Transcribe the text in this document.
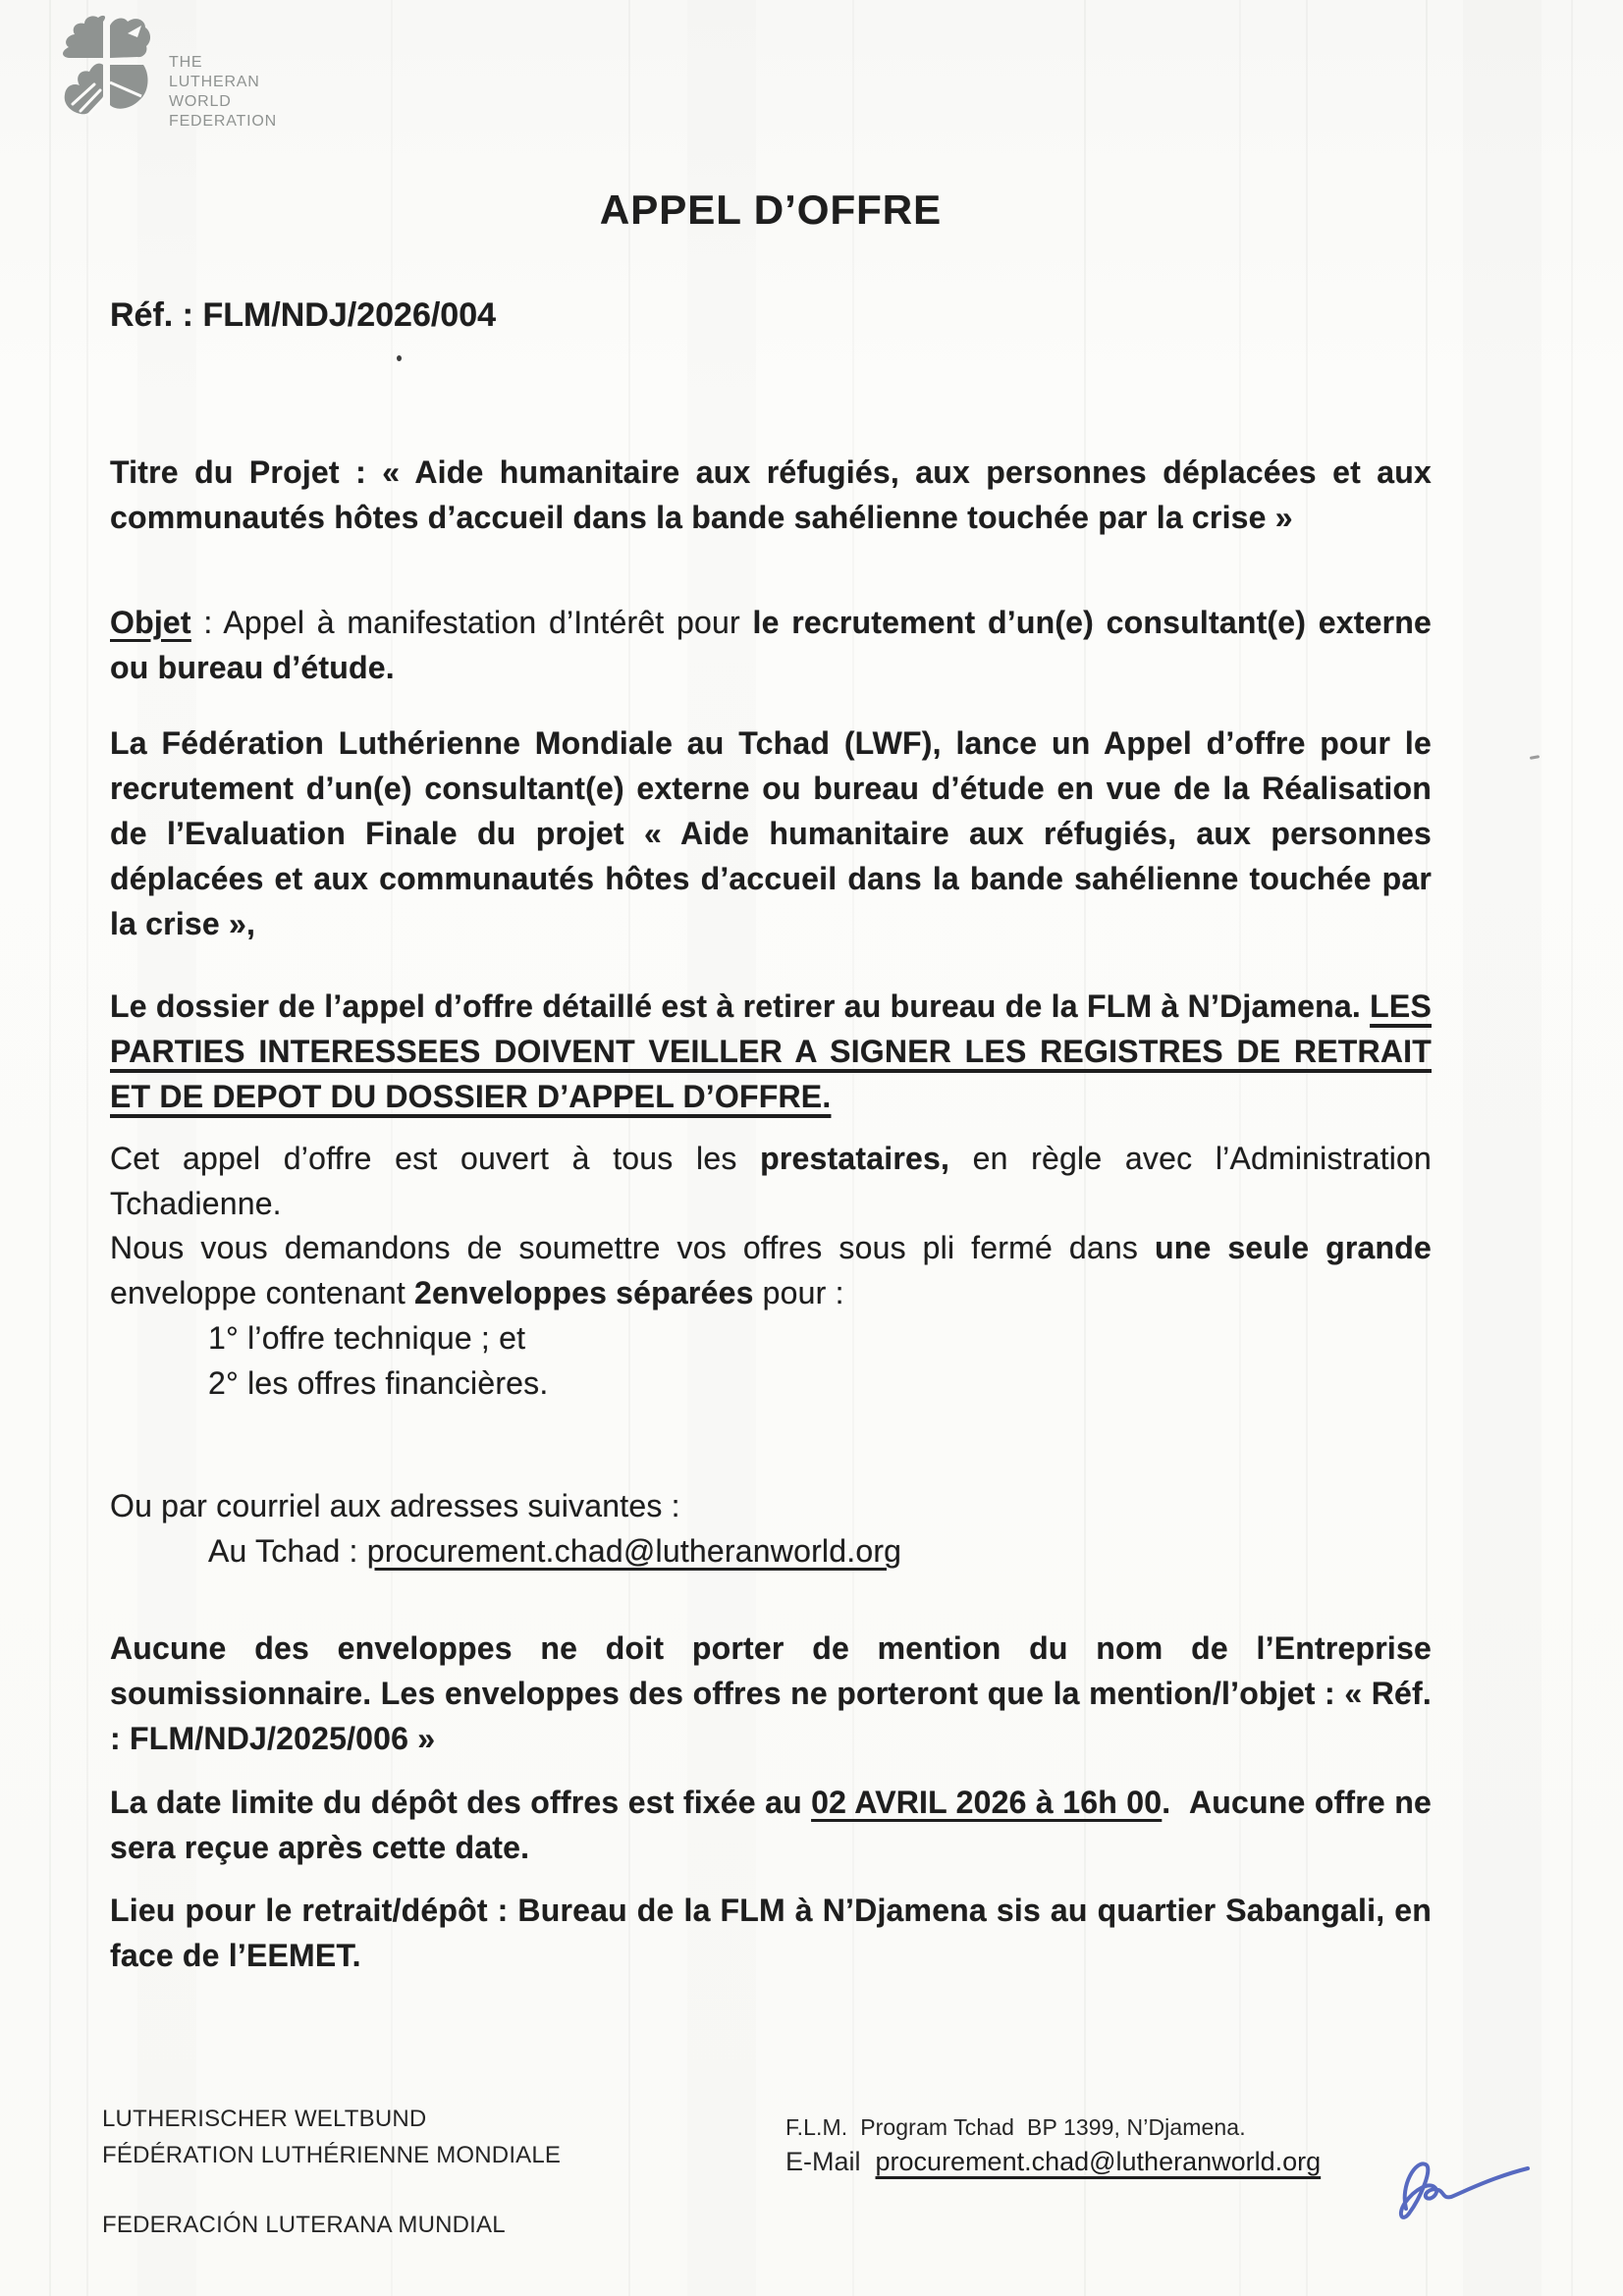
THE
LUTHERAN
WORLD
FEDERATION
APPEL D’OFFRE

Réf. : FLM/NDJ/2026/004

Titre du Projet : « Aide humanitaire aux réfugiés, aux personnes déplacées et aux communautés hôtes d’accueil dans la bande sahélienne touchée par la crise »

Objet : Appel à manifestation d’Intérêt pour le recrutement d’un(e) consultant(e) externe ou bureau d’étude.

La Fédération Luthérienne Mondiale au Tchad (LWF), lance un Appel d’offre pour le recrutement d’un(e) consultant(e) externe ou bureau d’étude en vue de la Réalisation de l’Evaluation Finale du projet « Aide humanitaire aux réfugiés, aux personnes déplacées et aux communautés hôtes d’accueil dans la bande sahélienne touchée par la crise »,

Le dossier de l’appel d’offre détaillé est à retirer au bureau de la FLM à N’Djamena. LES PARTIES INTERESSEES DOIVENT VEILLER A SIGNER LES REGISTRES DE RETRAIT ET DE DEPOT DU DOSSIER D’APPEL D’OFFRE.

Cet appel d’offre est ouvert à tous les prestataires, en règle avec l’Administration Tchadienne.

Nous vous demandons de soumettre vos offres sous pli fermé dans une seule grande enveloppe contenant 2enveloppes séparées pour :

1° l’offre technique ; et
2° les offres financières.
Ou par courriel aux adresses suivantes :
Au Tchad : procurement.chad@lutheranworld.org

Aucune des enveloppes ne doit porter de mention du nom de l’Entreprise soumissionnaire. Les enveloppes des offres ne porteront que la mention/l’objet : « Réf. : FLM/NDJ/2025/006 »

La date limite du dépôt des offres est fixée au 02 AVRIL 2026 à 16h 00.  Aucune offre ne sera reçue après cette date.

Lieu pour le retrait/dépôt : Bureau de la FLM à N’Djamena sis au quartier Sabangali, en face de l’EEMET.

LUTHERISCHER WELTBUND
FÉDÉRATION LUTHÉRIENNE MONDIALE
FEDERACIÓN LUTERANA MUNDIAL
F.L.M.  Program Tchad  BP 1399, N’Djamena.
E-Mail  procurement.chad@lutheranworld.org
